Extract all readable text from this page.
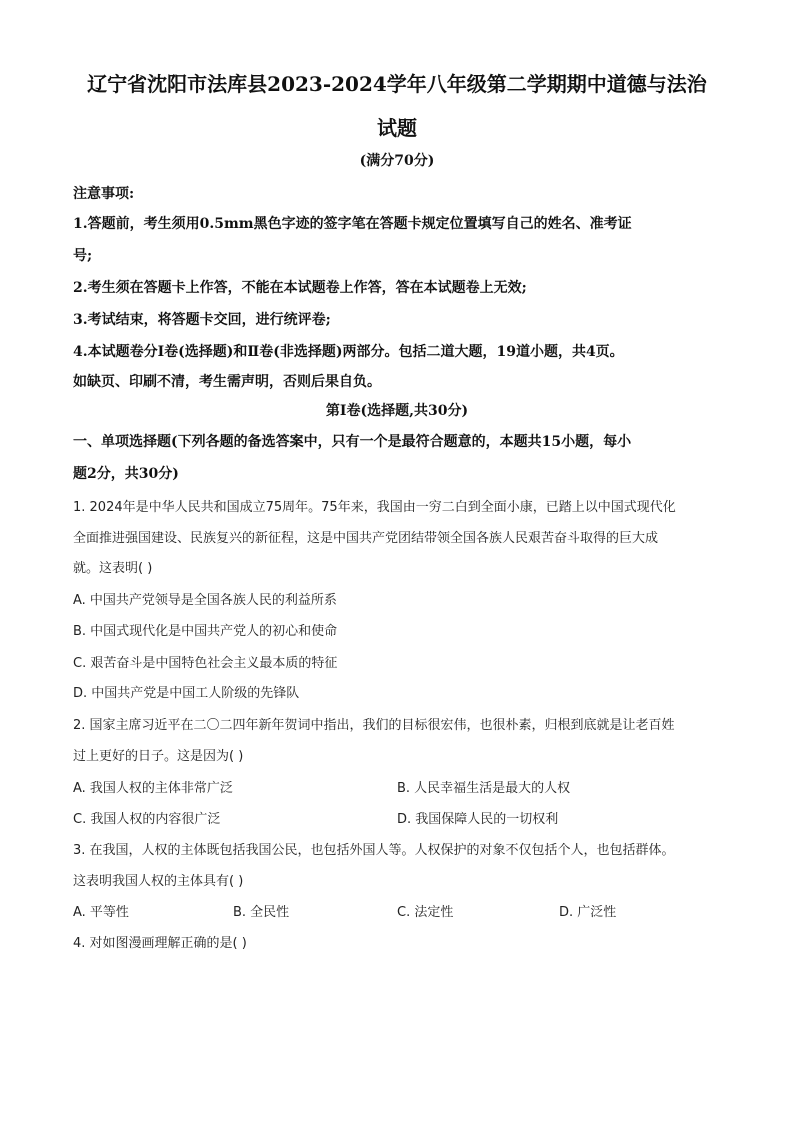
辽宁省沈阳市法库县2023-2024学年八年级第二学期期中道德与法治
试题
(满分70分)
注意事项:
1.答题前，考生须用0.5mm黑色字迹的签字笔在答题卡规定位置填写自己的姓名、准考证
号;
2.考生须在答题卡上作答，不能在本试题卷上作答，答在本试题卷上无效;
3.考试结束，将答题卡交回，进行统评卷;
4.本试题卷分Ⅰ卷(选择题)和Ⅱ卷(非选择题)两部分。包括二道大题，19道小题，共4页。
如缺页、印刷不清，考生需声明，否则后果自负。
第Ⅰ卷(选择题,共30分)
一、单项选择题(下列各题的备选答案中，只有一个是最符合题意的，本题共15小题，每小
题2分，共30分)
1. 2024年是中华人民共和国成立75周年。75年来，我国由一穷二白到全面小康，已踏上以中国式现代化
全面推进强国建设、民族复兴的新征程，这是中国共产党团结带领全国各族人民艰苦奋斗取得的巨大成
就。这表明( )
A. 中国共产党领导是全国各族人民的利益所系
B. 中国式现代化是中国共产党人的初心和使命
C. 艰苦奋斗是中国特色社会主义最本质的特征
D. 中国共产党是中国工人阶级的先锋队
2. 国家主席习近平在二〇二四年新年贺词中指出，我们的目标很宏伟，也很朴素，归根到底就是让老百姓
过上更好的日子。这是因为( )
A. 我国人权的主体非常广泛	B. 人民幸福生活是最大的人权
C. 我国人权的内容很广泛	D. 我国保障人民的一切权利
3. 在我国，人权的主体既包括我国公民，也包括外国人等。人权保护的对象不仅包括个人，也包括群体。
这表明我国人权的主体具有( )
A. 平等性	B. 全民性	C. 法定性	D. 广泛性
4. 对如图漫画理解正确的是( )
